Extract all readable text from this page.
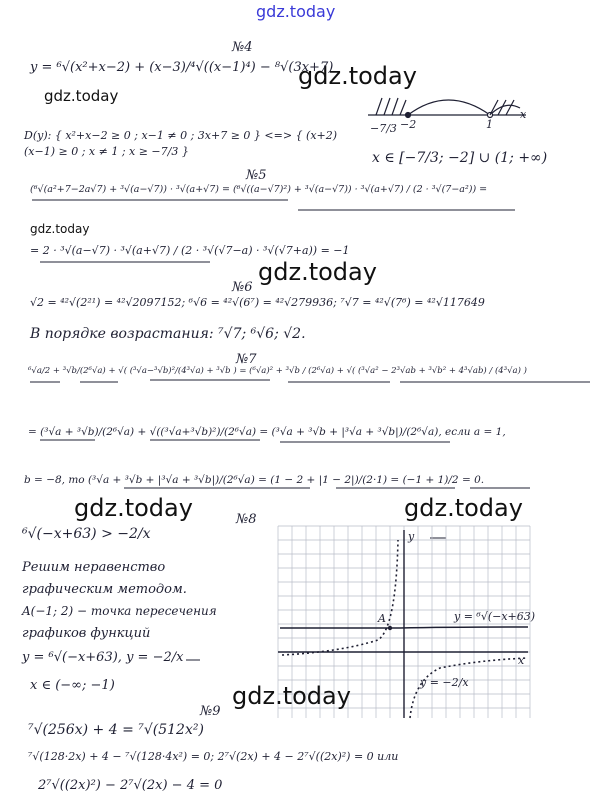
gdz.today
gdz.today
gdz.today
gdz.today
gdz.today
gdz.today	gdz.today
gdz.today
№4
№5
№6
№7
№8
№9
y = ⁶√(x²+x−2) + (x−3)/⁴√((x−1)⁴) − ⁸√(3x+7)
D(y): { x²+x−2 ≥ 0 ; x−1 ≠ 0 ; 3x+7 ≥ 0 } <=> { (x+2)(x−1) ≥ 0 ; x ≠ 1 ; x ≥ −7/3 }	x ∈ [−7/3; −2] ∪ (1; +∞)
−7/3 −2	1
x
(⁶√(a²+7−2a√7) + ³√(a−√7)) · ³√(a+√7) = (⁶√((a−√7)²) + ³√(a−√7)) · ³√(a+√7) / (2 · ³√(7−a²)) =
= 2 · ³√(a−√7) · ³√(a+√7) / (2 · ³√(√7−a) · ³√(√7+a)) = −1
√2 = ⁴²√(2²¹) = ⁴²√2097152; ⁶√6 = ⁴²√(6⁷) = ⁴²√279936; ⁷√7 = ⁴²√(7⁶) = ⁴²√117649
В порядке возрастания: ⁷√7; ⁶√6; √2.
⁶√a/2 + ³√b/(2⁶√a) + √( (³√a−³√b)²/(4³√a) + ³√b ) = (⁶√a)² + ³√b / (2⁶√a) + √( (³√a² − 2³√ab + ³√b² + 4³√ab) / (4³√a) )
= (³√a + ³√b)/(2⁶√a) + √((³√a+³√b)²)/(2⁶√a) = (³√a + ³√b + |³√a + ³√b|)/(2⁶√a), если a = 1,
b = −8, то (³√a + ³√b + |³√a + ³√b|)/(2⁶√a) = (1 − 2 + |1 − 2|)/(2·1) = (−1 + 1)/2 = 0.
⁶√(−x+63) > −2/x
Решим неравенство
графическим методом.
A(−1; 2) − точка пересечения
графиков функций
y = ⁶√(−x+63), y = −2/x
x ∈ (−∞; −1)
y = ⁶√(−x+63)
y = −2/x
A
y
x
⁷√(256x) + 4 = ⁷√(512x²)
⁷√(128·2x) + 4 − ⁷√(128·4x²) = 0; 2⁷√(2x) + 4 − 2⁷√((2x)²) = 0 или
2⁷√((2x)²) − 2⁷√(2x) − 4 = 0
